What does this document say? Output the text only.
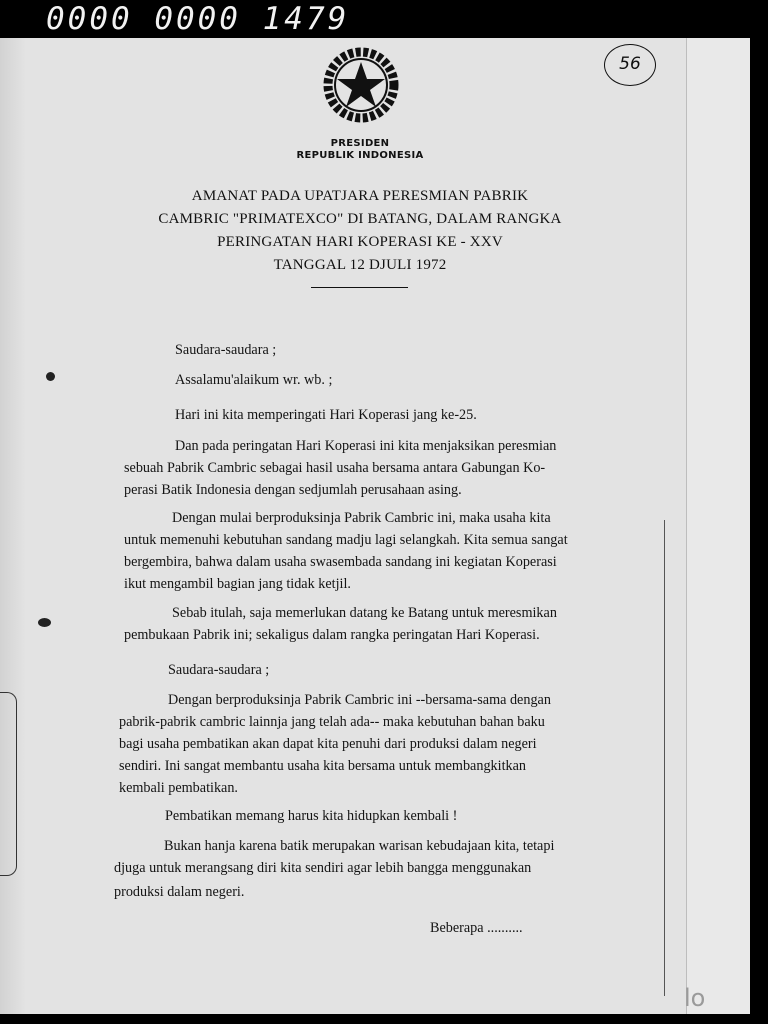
0000 0000 1479
56
PRESIDEN
REPUBLIK INDONESIA
AMANAT PADA UPATJARA PERESMIAN PABRIK
CAMBRIC "PRIMATEXCO" DI BATANG, DALAM RANGKA
PERINGATAN HARI KOPERASI KE - XXV
TANGGAL 12 DJULI 1972
Saudara-saudara ;
Assalamu'alaikum wr. wb. ;
Hari ini kita memperingati Hari Koperasi jang ke-25.
Dan pada peringatan Hari Koperasi ini kita menjaksikan peresmian
sebuah Pabrik Cambric sebagai hasil usaha bersama antara Gabungan Ko-
perasi Batik Indonesia dengan sedjumlah perusahaan asing.
Dengan mulai berproduksinja Pabrik Cambric ini, maka usaha kita
untuk memenuhi kebutuhan sandang madju lagi selangkah. Kita semua sangat
bergembira, bahwa dalam usaha swasembada sandang ini kegiatan Koperasi
ikut mengambil bagian jang tidak ketjil.
Sebab itulah, saja memerlukan datang ke Batang untuk meresmikan
pembukaan Pabrik ini; sekaligus dalam rangka peringatan Hari Koperasi.
Saudara-saudara ;
Dengan berproduksinja Pabrik Cambric ini --bersama-sama dengan
pabrik-pabrik cambric lainnja jang telah ada-- maka kebutuhan bahan baku
bagi usaha pembatikan akan dapat kita penuhi dari produksi dalam negeri
sendiri. Ini sangat membantu usaha kita bersama untuk membangkitkan
kembali pembatikan.
Pembatikan memang harus kita hidupkan kembali !
Bukan hanja karena batik merupakan warisan kebudajaan kita, tetapi
djuga untuk merangsang diri kita sendiri agar lebih bangga menggunakan
produksi dalam negeri.
Beberapa ..........
lo
